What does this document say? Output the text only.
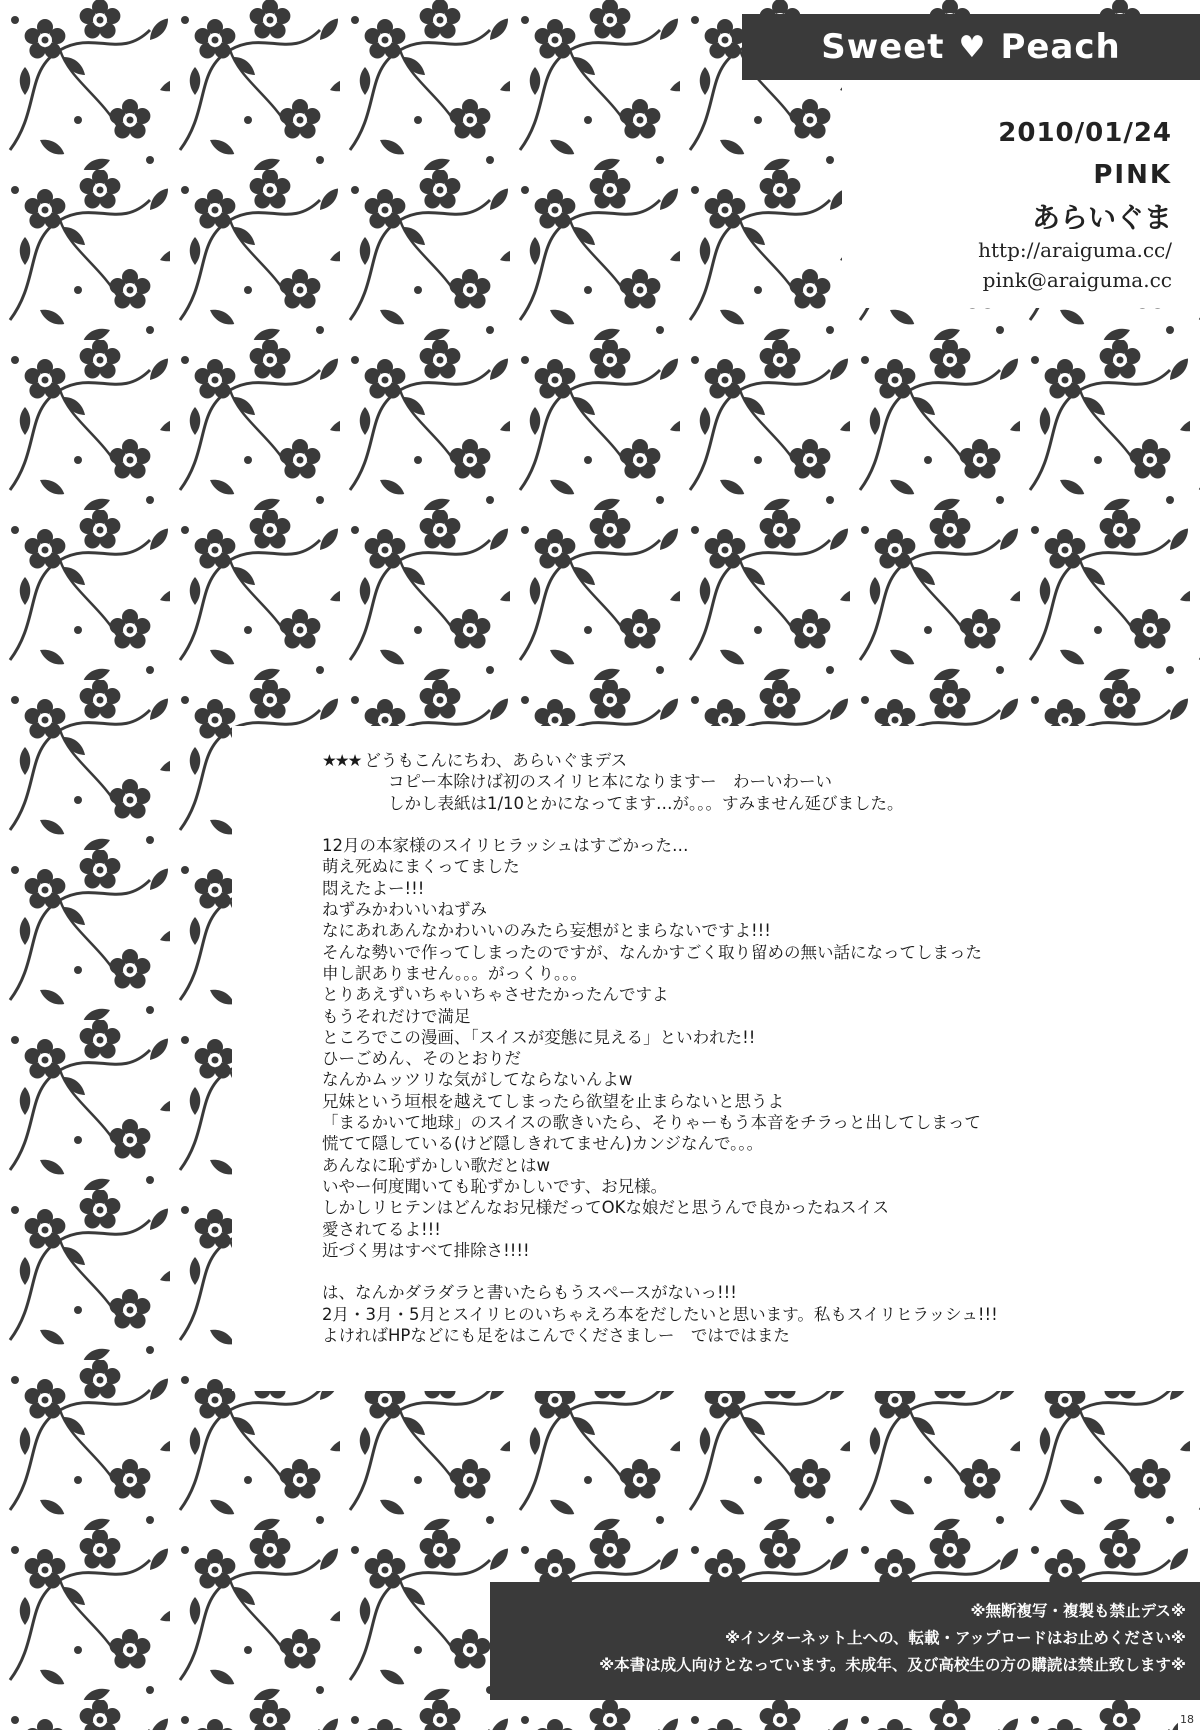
Sweet ♥ Peach
2010/01/24
PINK
あらいぐま
http://araiguma.cc/
pink@araiguma.cc
★★★ どうもこんにちわ、あらいぐまデス
　　　　コピー本除けば初のスイリヒ本になりますー　わーいわーい
　　　　しかし表紙は1/10とかになってます…が。。。すみません延びました。
12月の本家様のスイリヒラッシュはすごかった…
萌え死ぬにまくってました
悶えたよー!!!
ねずみかわいいねずみ
なにあれあんなかわいいのみたら妄想がとまらないですよ!!!
そんな勢いで作ってしまったのですが、なんかすごく取り留めの無い話になってしまった
申し訳ありません。。。がっくり。。。
とりあえずいちゃいちゃさせたかったんですよ
もうそれだけで満足
ところでこの漫画、「スイスが変態に見える」といわれた!!
ひーごめん、そのとおりだ
なんかムッツリな気がしてならないんよw
兄妹という垣根を越えてしまったら欲望を止まらないと思うよ
「まるかいて地球」のスイスの歌きいたら、そりゃーもう本音をチラっと出してしまって
慌てて隠している(けど隠しきれてません)カンジなんで。。。
あんなに恥ずかしい歌だとはw
いやー何度聞いても恥ずかしいです、お兄様。
しかしリヒテンはどんなお兄様だってOKな娘だと思うんで良かったねスイス
愛されてるよ!!!
近づく男はすべて排除さ!!!!
は、なんかダラダラと書いたらもうスペースがないっ!!!
2月・3月・5月とスイリヒのいちゃえろ本をだしたいと思います。私もスイリヒラッシュ!!!
よければHPなどにも足をはこんでくださましー　ではではまた
※無断複写・複製も禁止デス※
※インターネット上への、転載・アップロードはお止めください※
※本書は成人向けとなっています。未成年、及び高校生の方の購読は禁止致します※
18
